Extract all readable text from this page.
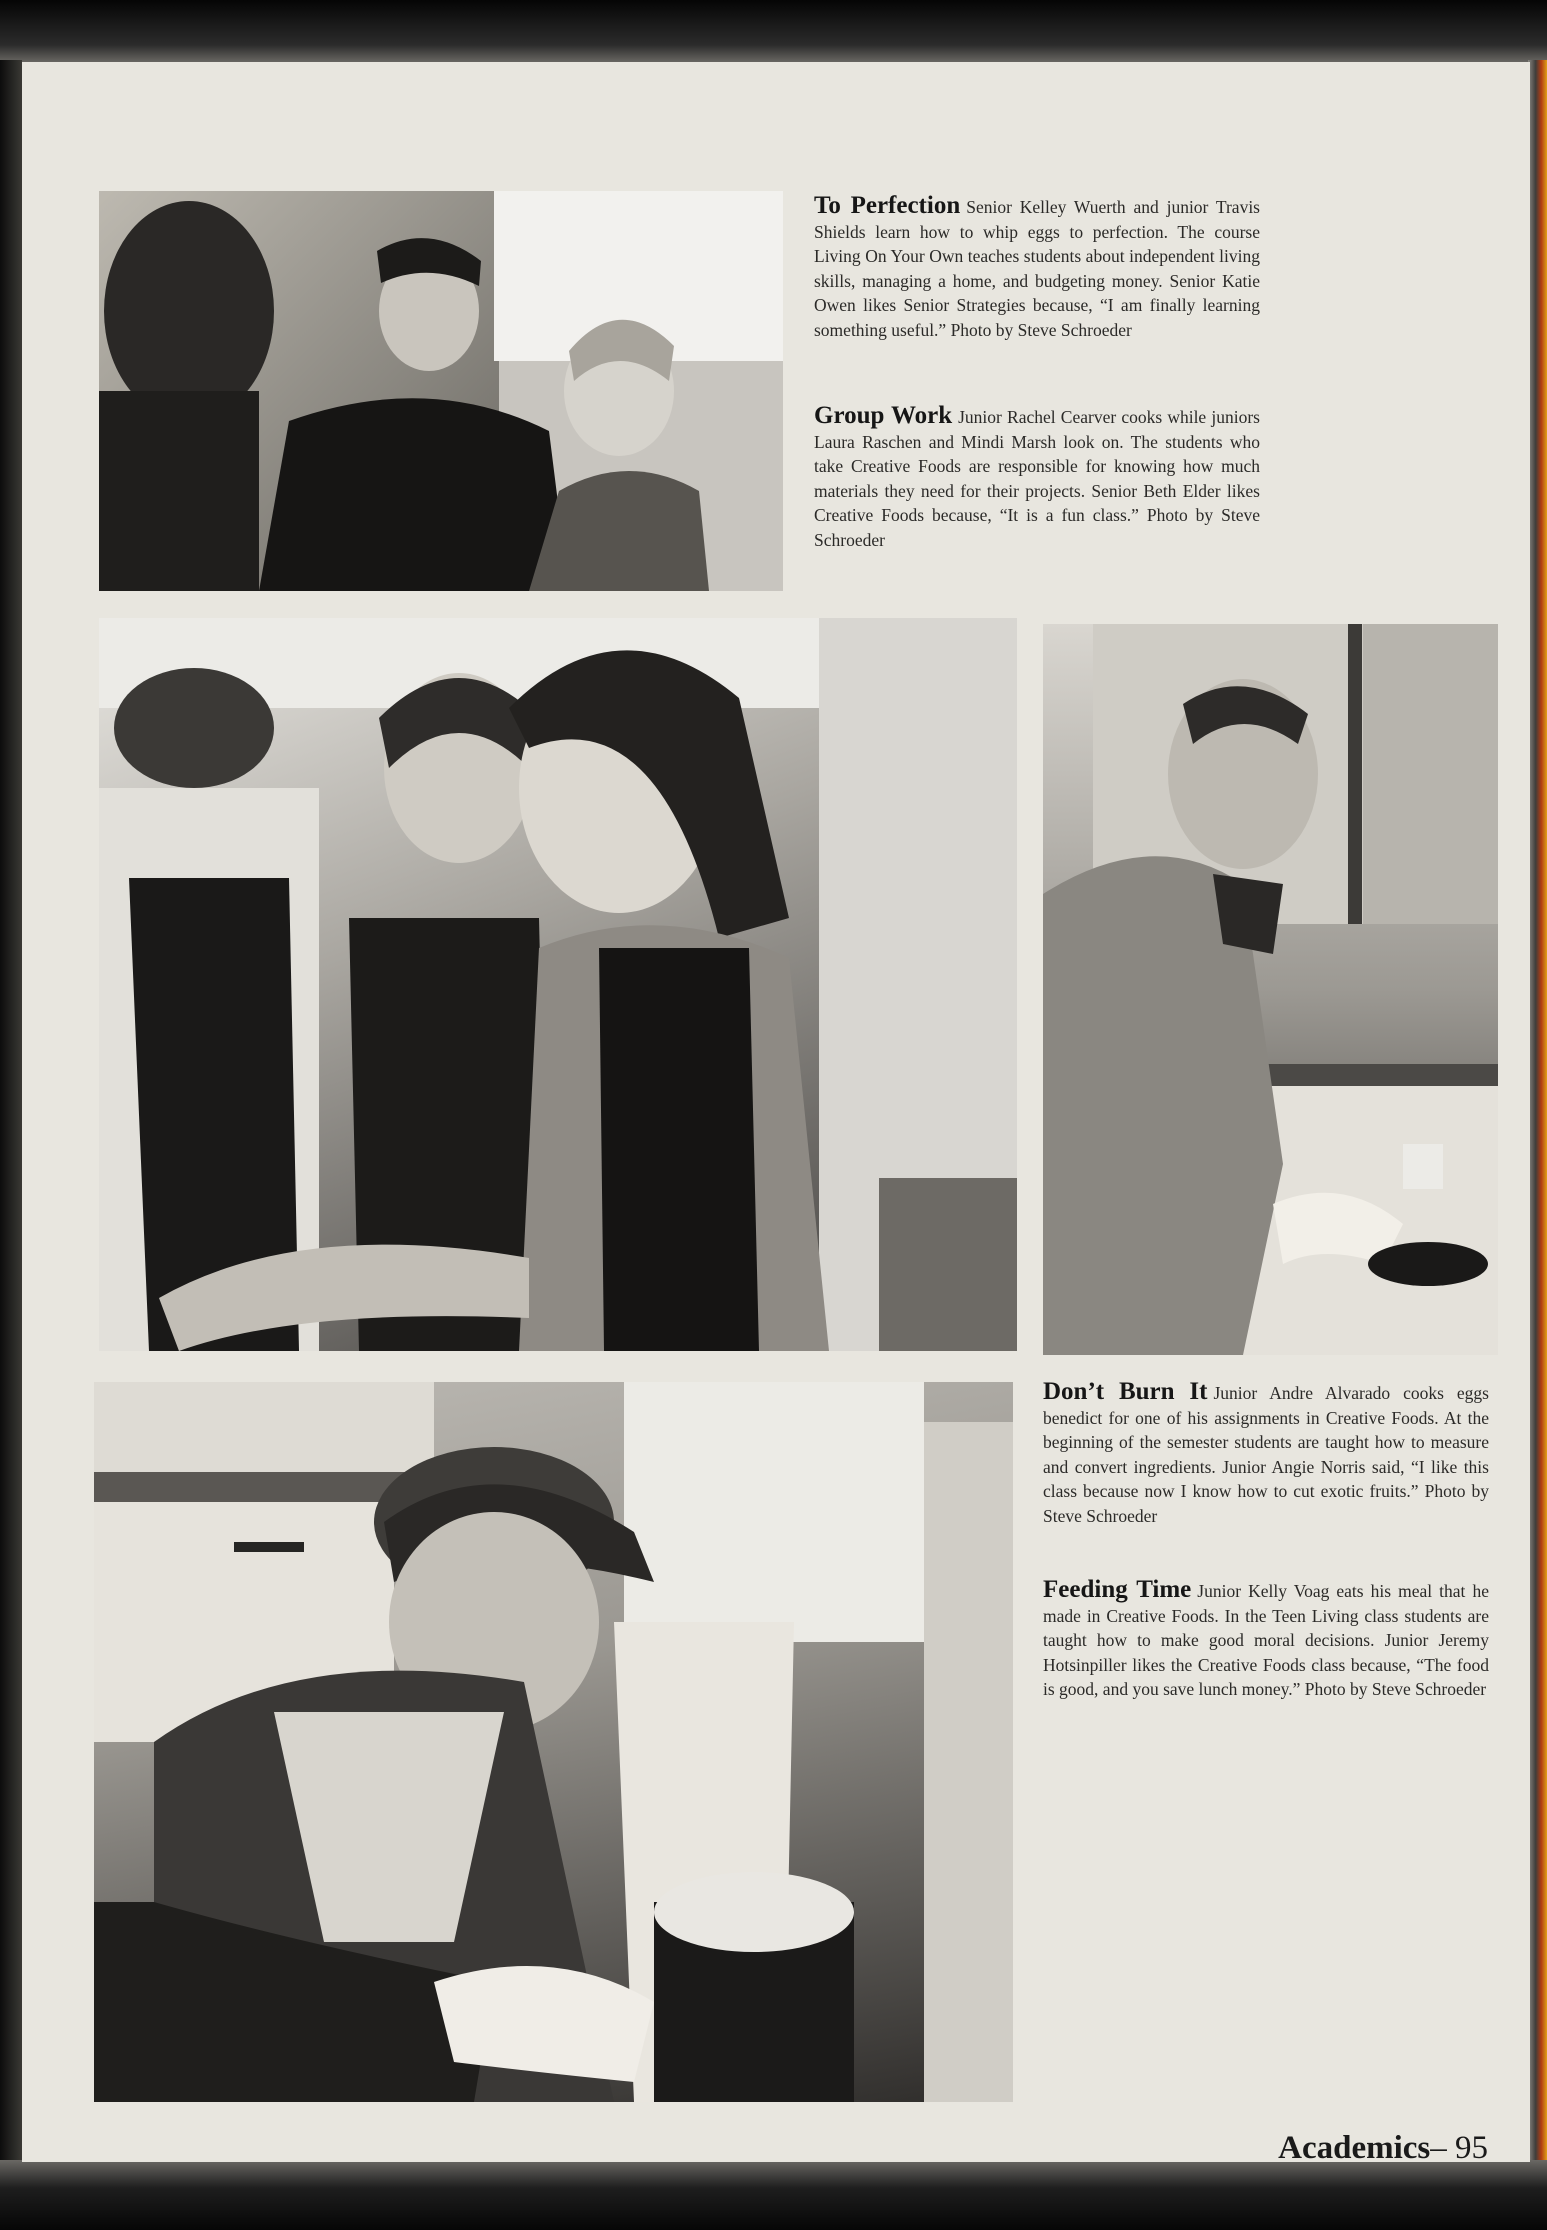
To Perfection Senior Kelley Wuerth and junior Travis Shields learn how to whip eggs to perfection. The course Living On Your Own teaches students about independent living skills, managing a home, and budgeting money. Senior Katie Owen likes Senior Strategies because, “I am finally learning something useful.” Photo by Steve Schroeder
Group Work Junior Rachel Cearver cooks while juniors Laura Raschen and Mindi Marsh look on. The students who take Creative Foods are responsible for knowing how much materials they need for their projects. Senior Beth Elder likes Creative Foods because, “It is a fun class.” Photo by Steve Schroeder
Don’t Burn It Junior Andre Alvarado cooks eggs benedict for one of his assignments in Creative Foods. At the beginning of the semester students are taught how to measure and convert ingredients. Junior Angie Norris said, “I like this class because now I know how to cut exotic fruits.” Photo by Steve Schroeder
Feeding Time Junior Kelly Voag eats his meal that he made in Creative Foods. In the Teen Living class students are taught how to make good moral decisions. Junior Jeremy Hotsinpiller likes the Creative Foods class because, “The food is good, and you save lunch money.” Photo by Steve Schroeder
Academics– 95
